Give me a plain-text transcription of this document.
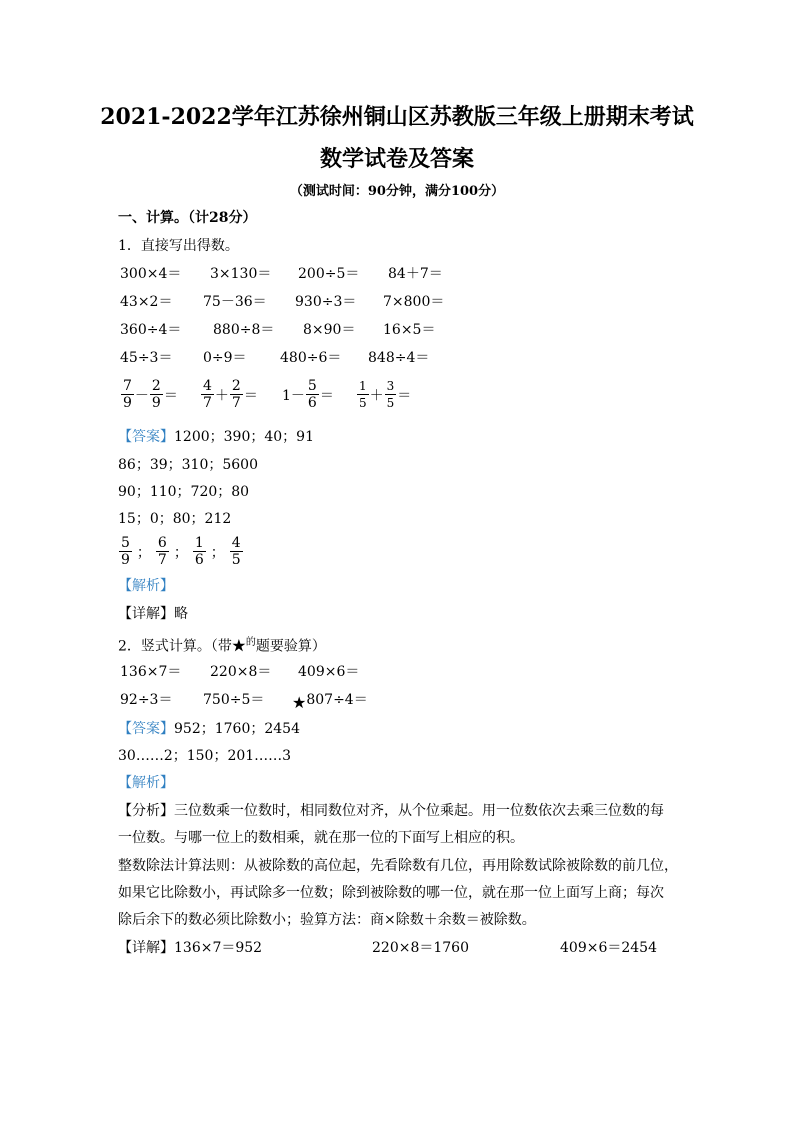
2021-2022学年江苏徐州铜山区苏教版三年级上册期末考试
数学试卷及答案
（测试时间：90分钟，满分100分）
一、计算。（计28分）
1．直接写出得数。
300×4＝ 3×130＝ 200÷5＝ 84＋7＝
43×2＝ 75－36＝ 930÷3＝ 7×800＝
360÷4＝ 880÷8＝ 8×90＝ 16×5＝
45÷3＝ 0÷9＝ 480÷6＝ 848÷4＝
$\frac{7}{9} - \frac{2}{9} = \frac{4}{7} + \frac{2}{7} = 1- \frac{5}{6} = \frac{1}{5} + \frac{3}{5}$ ＝
【答案】1200；390；40；91
86；39；310；5600
90；110；720；80
15；0；80；212
$\frac{5}{9}$ ； $\frac{6}{7}$ ； $\frac{1}{6}$ ； $\frac{4}{5}$
【解析】
【详解】略
2．竖式计算。（带★$^的$题要验算）
136×7＝ 220×8＝ 409×6＝
92÷3＝ 750÷5＝ ★807÷4＝
【答案】952；1760；2454
30……2；150；201……3
【解析】
【分析】三位数乘一位数时，相同数位对齐，从个位乘起。用一位数依次去乘三位数的每
一位数。与哪一位上的数相乘，就在那一位的下面写上相应的积。
整数除法计算法则：从被除数的高位起，先看除数有几位，再用除数试除被除数的前几位，
如果它比除数小，再试除多一位数；除到被除数的哪一位，就在那一位上面写上商；每次
除后余下的数必须比除数小；验算方法：商×除数＋余数＝被除数。
【详解】136×7＝952	220×8＝1760	409×6＝2454
